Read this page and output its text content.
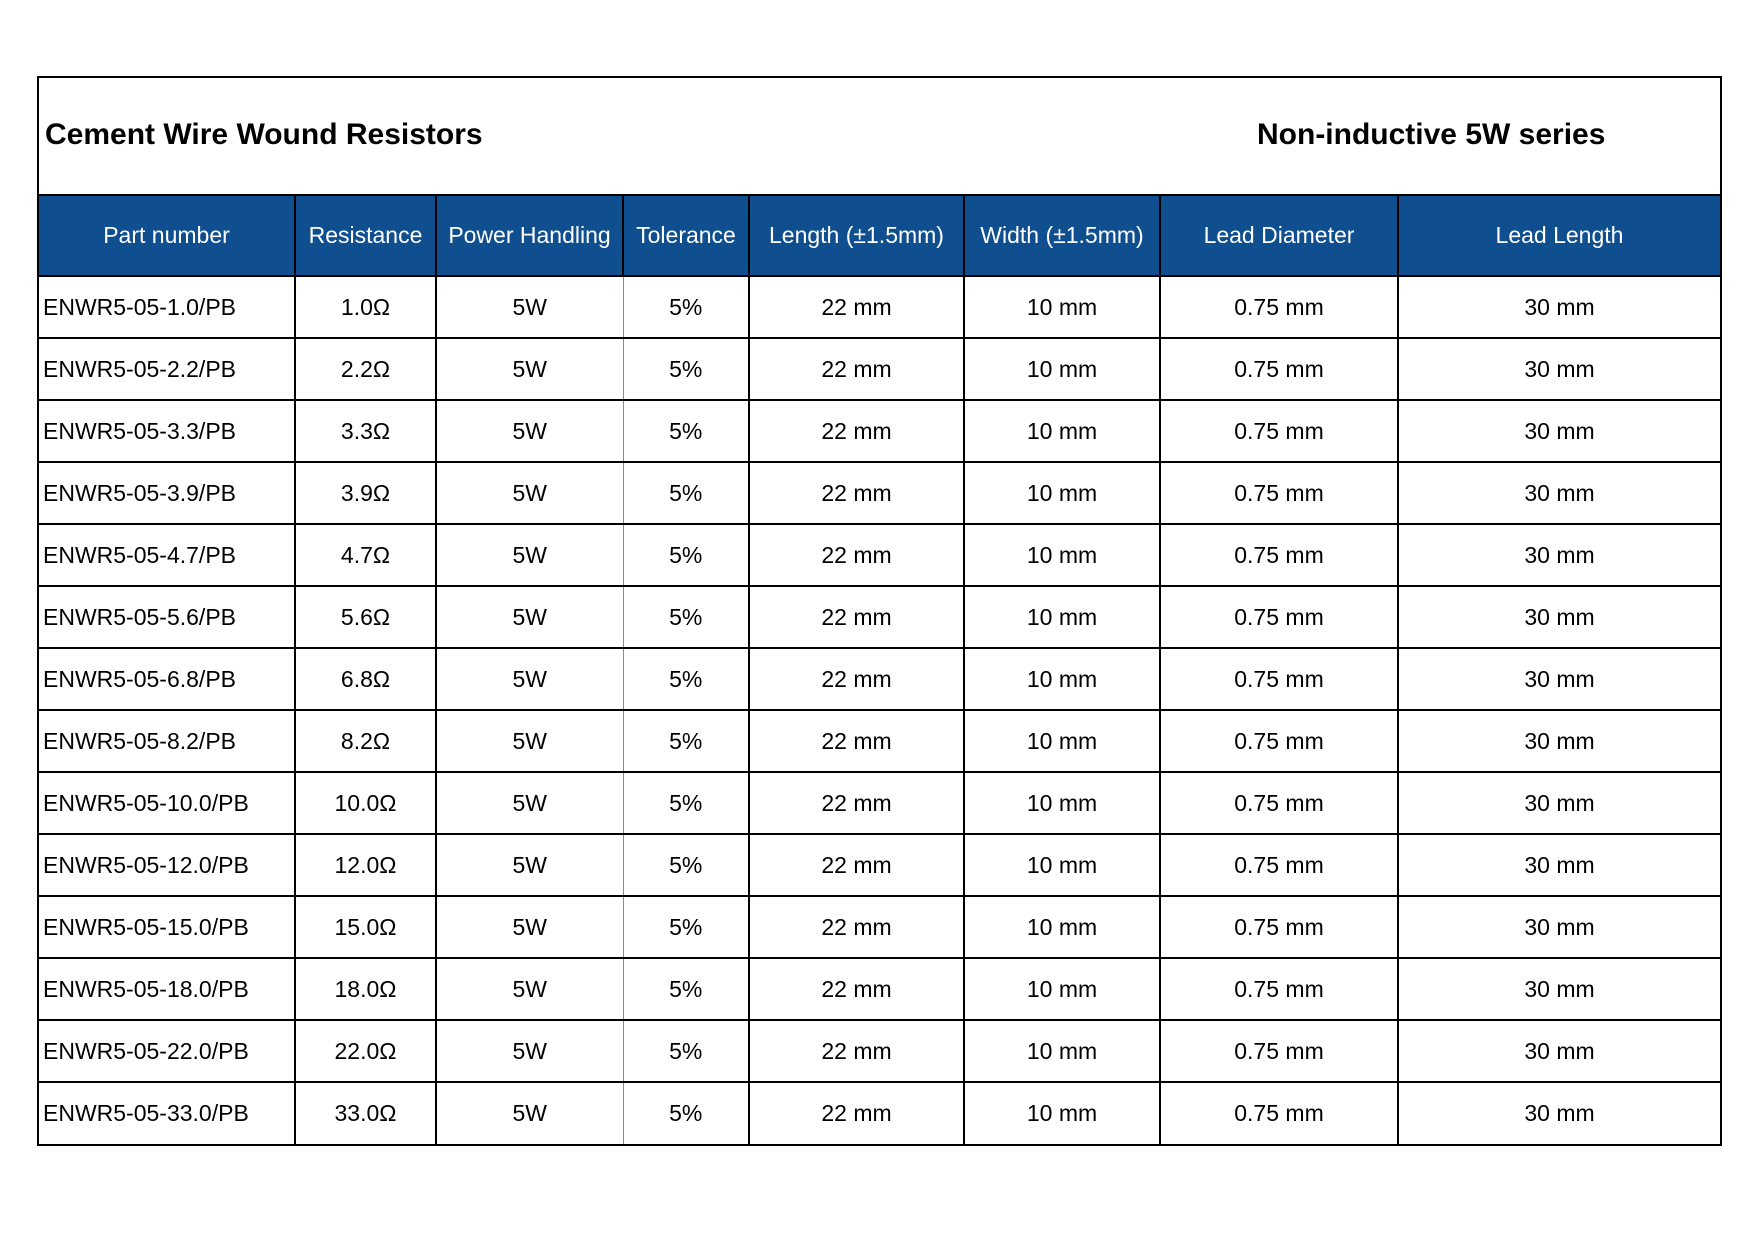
Cement Wire Wound Resistors	Non-inductive 5W series
Part number	Resistance	Power Handling	Tolerance	Length (±1.5mm)	Width (±1.5mm)	Lead Diameter	Lead Length
ENWR5-05-1.0/PB	1.0Ω	5W	5%	22 mm	10 mm	0.75 mm	30 mm
ENWR5-05-2.2/PB	2.2Ω	5W	5%	22 mm	10 mm	0.75 mm	30 mm
ENWR5-05-3.3/PB	3.3Ω	5W	5%	22 mm	10 mm	0.75 mm	30 mm
ENWR5-05-3.9/PB	3.9Ω	5W	5%	22 mm	10 mm	0.75 mm	30 mm
ENWR5-05-4.7/PB	4.7Ω	5W	5%	22 mm	10 mm	0.75 mm	30 mm
ENWR5-05-5.6/PB	5.6Ω	5W	5%	22 mm	10 mm	0.75 mm	30 mm
ENWR5-05-6.8/PB	6.8Ω	5W	5%	22 mm	10 mm	0.75 mm	30 mm
ENWR5-05-8.2/PB	8.2Ω	5W	5%	22 mm	10 mm	0.75 mm	30 mm
ENWR5-05-10.0/PB	10.0Ω	5W	5%	22 mm	10 mm	0.75 mm	30 mm
ENWR5-05-12.0/PB	12.0Ω	5W	5%	22 mm	10 mm	0.75 mm	30 mm
ENWR5-05-15.0/PB	15.0Ω	5W	5%	22 mm	10 mm	0.75 mm	30 mm
ENWR5-05-18.0/PB	18.0Ω	5W	5%	22 mm	10 mm	0.75 mm	30 mm
ENWR5-05-22.0/PB	22.0Ω	5W	5%	22 mm	10 mm	0.75 mm	30 mm
ENWR5-05-33.0/PB	33.0Ω	5W	5%	22 mm	10 mm	0.75 mm	30 mm
